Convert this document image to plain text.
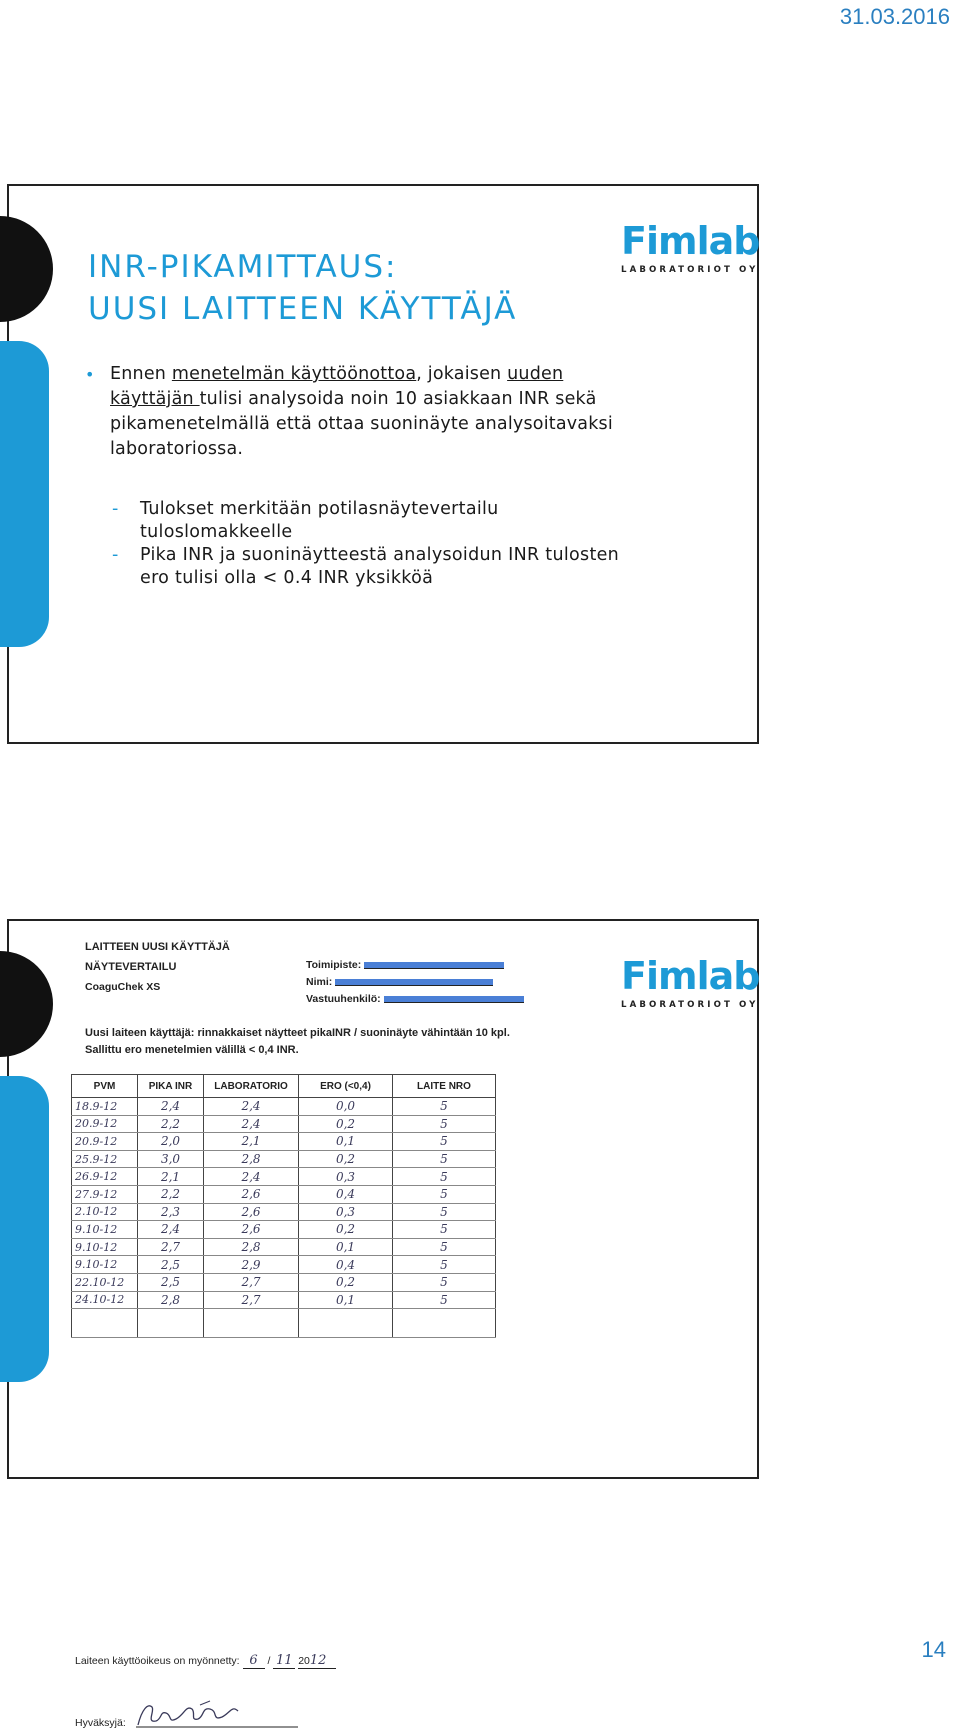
31.03.2016
Fimlab
LABORATORIOT OY
INR-PIKAMITTAUS:
UUSI LAITTEEN KÄYTTÄJÄ
• Ennen menetelmän käyttöönottoa, jokaisen uuden käyttäjän tulisi analysoida noin 10 asiakkaan INR sekä pikamenetelmällä että ottaa suoninäyte analysoitavaksi laboratoriossa.
- Tulokset merkitään potilasnäytevertailu tuloslomakkeelle
- Pika INR ja suoninäytteestä analysoidun INR tulosten ero tulisi olla < 0.4 INR yksikköä
Fimlab
LABORATORIOT OY
LAITTEEN UUSI KÄYTTÄJÄ
NÄYTEVERTAILU
CoaguChek XS
Toimipiste:
Nimi:
Vastuuhenkilö:
Uusi laiteen käyttäjä: rinnakkaiset näytteet pikaINR / suoninäyte vähintään 10 kpl. Sallittu ero menetelmien välillä < 0,4 INR.
PVM	PIKA INR	LABORATORIO	ERO (<0,4)	LAITE NRO
18.9-12	2,4	2,4	0,0	5
20.9-12	2,2	2,4	0,2	5
20.9-12	2,0	2,1	0,1	5
25.9-12	3,0	2,8	0,2	5
26.9-12	2,1	2,4	0,3	5
27.9-12	2,2	2,6	0,4	5
2.10-12	2,3	2,6	0,3	5
9.10-12	2,4	2,6	0,2	5
9.10-12	2,7	2,8	0,1	5
9.10-12	2,5	2,9	0,4	5
22.10-12	2,5	2,7	0,2	5
24.10-12	2,8	2,7	0,1	5

Laiteen käyttöoikeus on myönnetty: 6 / 11 2012
Hyväksyjä:
14
